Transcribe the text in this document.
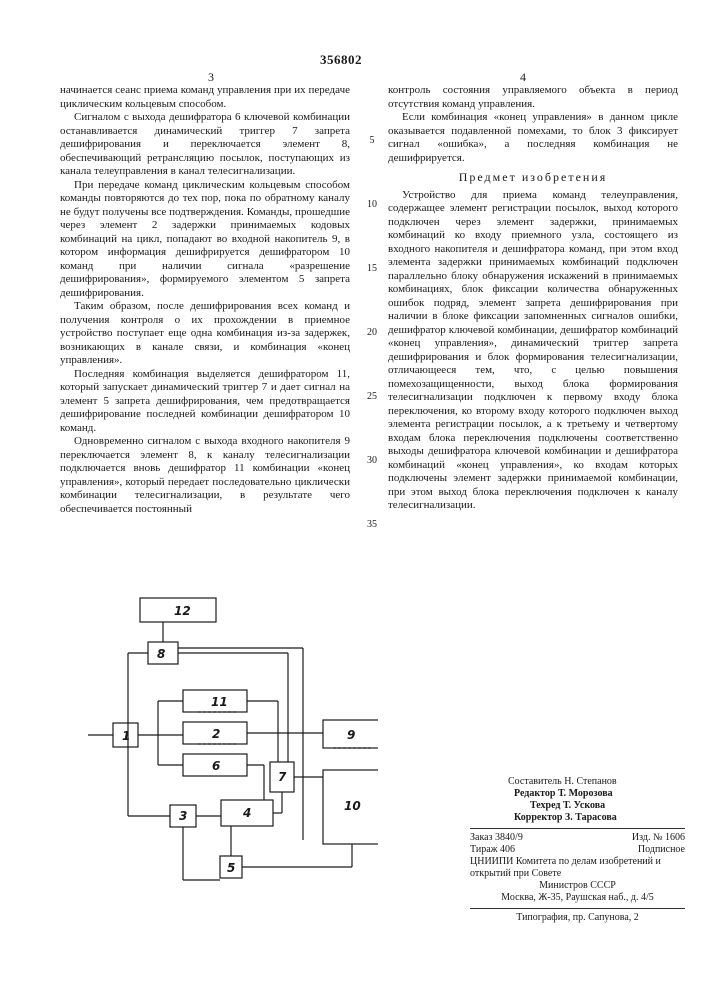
356802
3	4

начинается сеанс приема команд управления при их передаче циклическим кольцевым способом.

Сигналом с выхода дешифратора 6 ключевой комбинации останавливается динамический триггер 7 запрета дешифрирования и переключается элемент 8, обеспечивающий ретрансляцию посылок, поступающих из канала телеуправления в канал телесигнализации.

При передаче команд циклическим кольцевым способом команды повторяются до тех пор, пока по обратному каналу не будут получены все подтверждения. Команды, прошедшие через элемент 2 задержки принимаемых кодовых комбинаций на цикл, попадают во входной накопитель 9, в котором информация дешифрируется дешифратором 10 команд при наличии сигнала «разрешение дешифрирования», формируемого элементом 5 запрета дешифрирования.

Таким образом, после дешифрирования всех команд и получения контроля о их прохождении в приемное устройство поступает еще одна комбинация из-за задержек, возникающих в канале связи, и комбинация «конец управления».

Последняя комбинация выделяется дешифратором 11, который запускает динамический триггер 7 и дает сигнал на элемент 5 запрета дешифрирования, чем предотвращается дешифрирование последней комбинации дешифратором 10 команд.

Одновременно сигналом с выхода входного накопителя 9 переключается элемент 8, к каналу телесигнализации подключается вновь дешифратор 11 комбинации «конец управления», который передает последовательно циклически комбинации телесигнализации, в результате чего обеспечивается постоянный

5
10
15
20
25
30
35

контроль состояния управляемого объекта в период отсутствия команд управления.

Если комбинация «конец управления» в данном цикле оказывается подавленной помехами, то блок 3 фиксирует сигнал «ошибка», а последняя комбинация не дешифрируется.

Предмет изобретения

Устройство для приема команд телеуправления, содержащее элемент регистрации посылок, выход которого подключен через элемент задержки, принимаемых комбинаций ко входу приемного узла, состоящего из входного накопителя и дешифратора команд, при этом вход элемента задержки принимаемых комбинаций подключен параллельно блоку обнаружения искажений в принимаемых комбинациях, блок фиксации количества обнаруженных ошибок подряд, элемент запрета дешифрирования при наличии в блоке фиксации запомненных сигналов ошибки, дешифратор ключевой комбинации, дешифратор комбинаций «конец управления», динамический триггер запрета дешифрирования и блок формирования телесигнализации, отличающееся тем, что, с целью повышения помехозащищенности, выход блока формирования телесигнализации подключен к первому входу блока переключения, ко второму входу которого подключен выход элемента регистрации посылок, а к третьему и четвертому входам блока переключения подключены соответственно выходы дешифратора ключевой комбинации и дешифратора комбинаций «конец управления», ко входам которых подключены элемент задержки принимаемой комбинации, при этом выход блока переключения подключен к каналу телесигнализации.

12
8
11
2
6
1	9
10
7
3	4
5
Составитель Н. Степанов
Редактор Т. Морозова
Техред Т. Ускова
Корректор З. Тарасова
Заказ 3840/9	Изд. № 1606
Тираж 406	Подписное
ЦНИИПИ Комитета по делам изобретений и открытий при Совете
Министров СССР
Москва, Ж-35, Раушская наб., д. 4/5
Типография, пр. Сапунова, 2
